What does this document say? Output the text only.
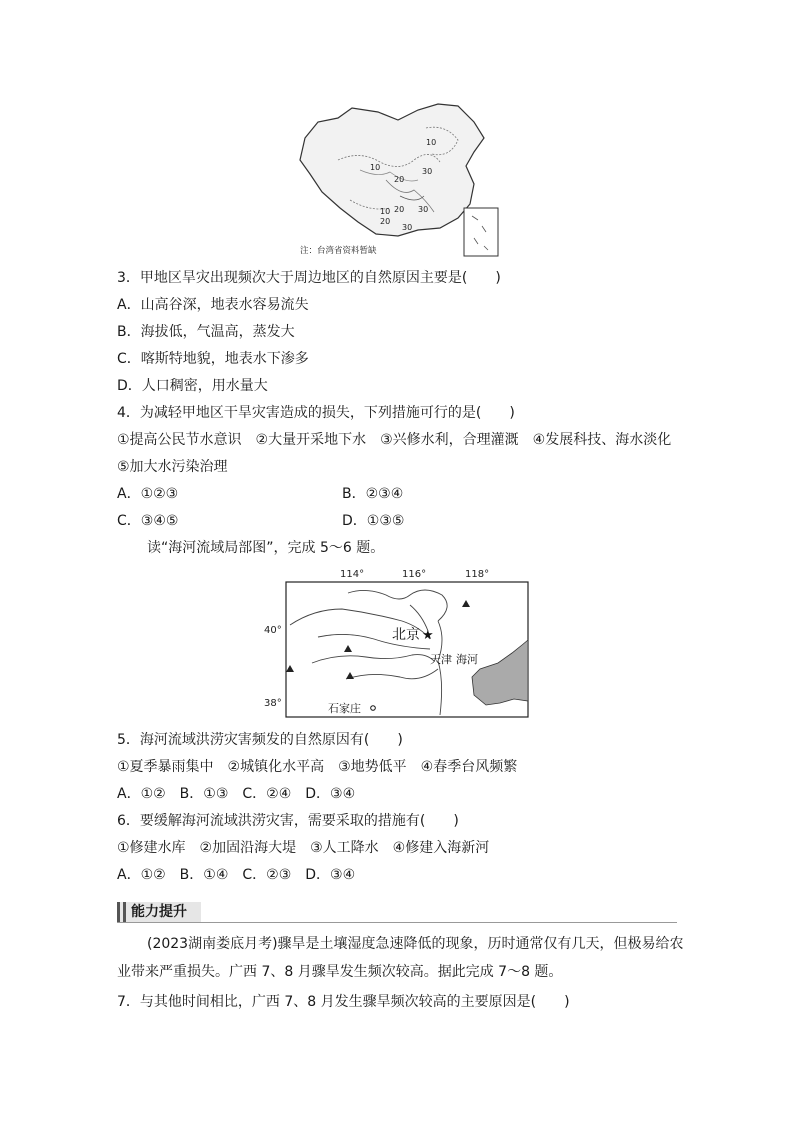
10
10
20
30
30
20
10
20
30
注：台湾省资料暂缺
3．甲地区旱灾出现频次大于周边地区的自然原因主要是(　　)
A．山高谷深，地表水容易流失
B．海拔低，气温高，蒸发大
C．喀斯特地貌，地表水下渗多
D．人口稠密，用水量大
4．为减轻甲地区干旱灾害造成的损失，下列措施可行的是(　　)
①提高公民节水意识　②大量开采地下水　③兴修水利，合理灌溉　④发展科技、海水淡化
⑤加大水污染治理
A．①②③	B．②③④
C．③④⑤	D．①③⑤
读“海河流域局部图”，完成 5～6 题。
114°	116°	118°
40°
38°
北京 ★
天津 海河
石家庄
5．海河流域洪涝灾害频发的自然原因有(　　)
①夏季暴雨集中　②城镇化水平高　③地势低平　④春季台风频繁
A．①②　B．①③　C．②④　D．③④
6．要缓解海河流域洪涝灾害，需要采取的措施有(　　)
①修建水库　②加固沿海大堤　③人工降水　④修建入海新河
A．①②　B．①④　C．②③　D．③④
能力提升
(2023湖南娄底月考)骤旱是土壤湿度急速降低的现象，历时通常仅有几天，但极易给农
业带来严重损失。广西 7、8 月骤旱发生频次较高。据此完成 7～8 题。
7．与其他时间相比，广西 7、8 月发生骤旱频次较高的主要原因是(　　)
